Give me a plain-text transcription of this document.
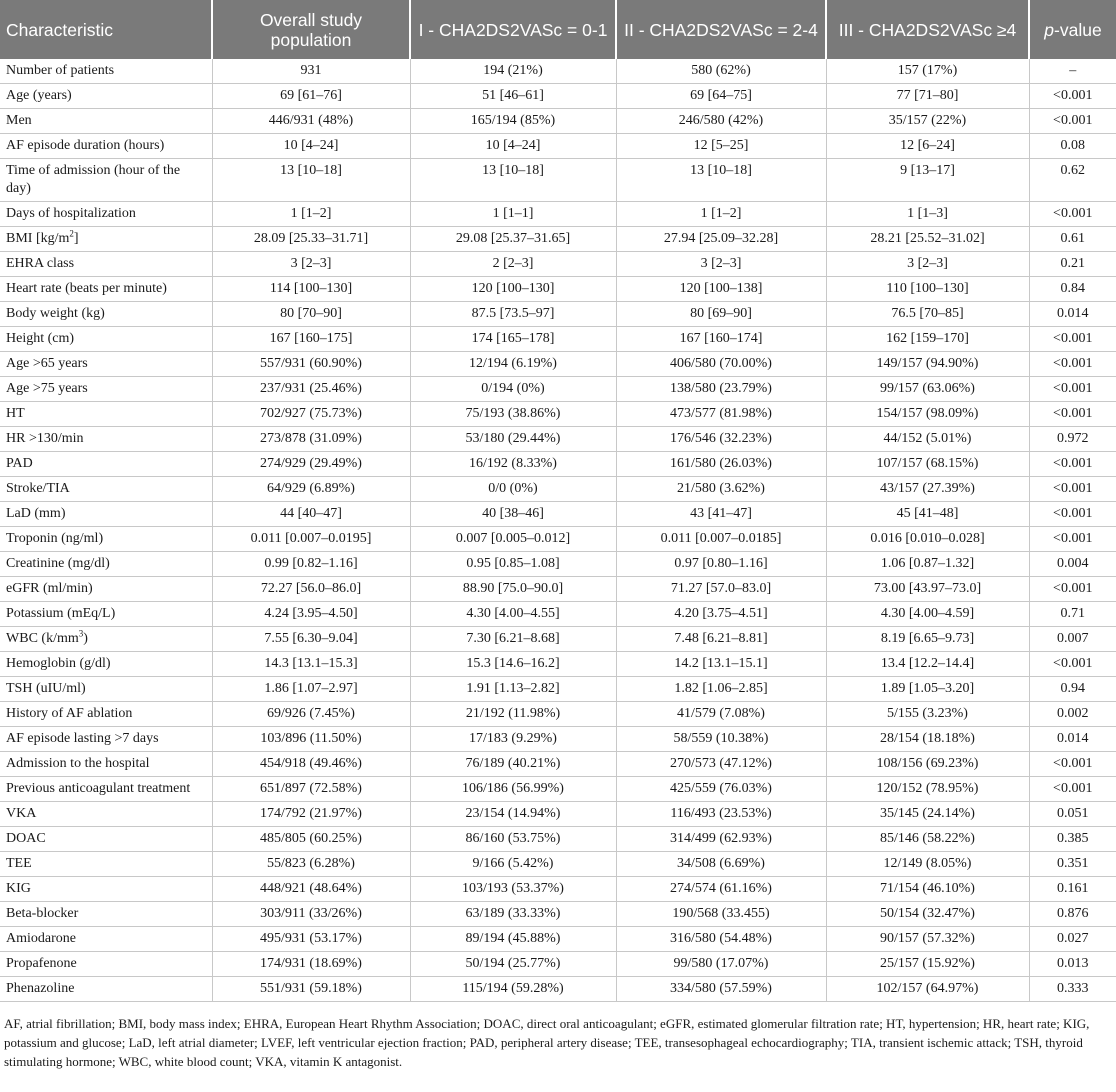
Characteristic	Overall study population	I - CHA2DS2VASc = 0-1	II - CHA2DS2VASc = 2-4	III - CHA2DS2VASc ≥4	p-value
Number of patients	931	194 (21%)	580 (62%)	157 (17%)	–
Age (years)	69 [61–76]	51 [46–61]	69 [64–75]	77 [71–80]	<0.001
Men	446/931 (48%)	165/194 (85%)	246/580 (42%)	35/157 (22%)	<0.001
AF episode duration (hours)	10 [4–24]	10 [4–24]	12 [5–25]	12 [6–24]	0.08
Time of admission (hour of the day)	13 [10–18]	13 [10–18]	13 [10–18]	9 [13–17]	0.62
Days of hospitalization	1 [1–2]	1 [1–1]	1 [1–2]	1 [1–3]	<0.001
BMI $[kg/m^2]$	28.09 [25.33–31.71]	29.08 [25.37–31.65]	27.94 [25.09–32.28]	28.21 [25.52–31.02]	0.61
EHRA class	3 [2–3]	2 [2–3]	3 [2–3]	3 [2–3]	0.21
Heart rate (beats per minute)	114 [100–130]	120 [100–130]	120 [100–138]	110 [100–130]	0.84
Body weight (kg)	80 [70–90]	87.5 [73.5–97]	80 [69–90]	76.5 [70–85]	0.014
Height (cm)	167 [160–175]	174 [165–178]	167 [160–174]	162 [159–170]	<0.001
Age >65 years	557/931 (60.90%)	12/194 (6.19%)	406/580 (70.00%)	149/157 (94.90%)	<0.001
Age >75 years	237/931 (25.46%)	0/194 (0%)	138/580 (23.79%)	99/157 (63.06%)	<0.001
HT	702/927 (75.73%)	75/193 (38.86%)	473/577 (81.98%)	154/157 (98.09%)	<0.001
HR >130/min	273/878 (31.09%)	53/180 (29.44%)	176/546 (32.23%)	44/152 (5.01%)	0.972
PAD	274/929 (29.49%)	16/192 (8.33%)	161/580 (26.03%)	107/157 (68.15%)	<0.001
Stroke/TIA	64/929 (6.89%)	0/0 (0%)	21/580 (3.62%)	43/157 (27.39%)	<0.001
LaD (mm)	44 [40–47]	40 [38–46]	43 [41–47]	45 [41–48]	<0.001
Troponin (ng/ml)	0.011 [0.007–0.0195]	0.007 [0.005–0.012]	0.011 [0.007–0.0185]	0.016 [0.010–0.028]	<0.001
Creatinine (mg/dl)	0.99 [0.82–1.16]	0.95 [0.85–1.08]	0.97 [0.80–1.16]	1.06 [0.87–1.32]	0.004
eGFR (ml/min)	72.27 [56.0–86.0]	88.90 [75.0–90.0]	71.27 [57.0–83.0]	73.00 [43.97–73.0]	<0.001
Potassium (mEq/L)	4.24 [3.95–4.50]	4.30 [4.00–4.55]	4.20 [3.75–4.51]	4.30 [4.00–4.59]	0.71
WBC $(k/mm^3)$	7.55 [6.30–9.04]	7.30 [6.21–8.68]	7.48 [6.21–8.81]	8.19 [6.65–9.73]	0.007
Hemoglobin (g/dl)	14.3 [13.1–15.3]	15.3 [14.6–16.2]	14.2 [13.1–15.1]	13.4 [12.2–14.4]	<0.001
TSH (uIU/ml)	1.86 [1.07–2.97]	1.91 [1.13–2.82]	1.82 [1.06–2.85]	1.89 [1.05–3.20]	0.94
History of AF ablation	69/926 (7.45%)	21/192 (11.98%)	41/579 (7.08%)	5/155 (3.23%)	0.002
AF episode lasting >7 days	103/896 (11.50%)	17/183 (9.29%)	58/559 (10.38%)	28/154 (18.18%)	0.014
Admission to the hospital	454/918 (49.46%)	76/189 (40.21%)	270/573 (47.12%)	108/156 (69.23%)	<0.001
Previous anticoagulant treatment	651/897 (72.58%)	106/186 (56.99%)	425/559 (76.03%)	120/152 (78.95%)	<0.001
VKA	174/792 (21.97%)	23/154 (14.94%)	116/493 (23.53%)	35/145 (24.14%)	0.051
DOAC	485/805 (60.25%)	86/160 (53.75%)	314/499 (62.93%)	85/146 (58.22%)	0.385
TEE	55/823 (6.28%)	9/166 (5.42%)	34/508 (6.69%)	12/149 (8.05%)	0.351
KIG	448/921 (48.64%)	103/193 (53.37%)	274/574 (61.16%)	71/154 (46.10%)	0.161
Beta-blocker	303/911 (33/26%)	63/189 (33.33%)	190/568 (33.455)	50/154 (32.47%)	0.876
Amiodarone	495/931 (53.17%)	89/194 (45.88%)	316/580 (54.48%)	90/157 (57.32%)	0.027
Propafenone	174/931 (18.69%)	50/194 (25.77%)	99/580 (17.07%)	25/157 (15.92%)	0.013
Phenazoline	551/931 (59.18%)	115/194 (59.28%)	334/580 (57.59%)	102/157 (64.97%)	0.333
AF, atrial fibrillation; BMI, body mass index; EHRA, European Heart Rhythm Association; DOAC, direct oral anticoagulant; eGFR, estimated glomerular filtration rate; HT, hypertension; HR, heart rate; KIG, potassium and glucose; LaD, left atrial diameter; LVEF, left ventricular ejection fraction; PAD, peripheral artery disease; TEE, transesophageal echocardiography; TIA, transient ischemic attack; TSH, thyroid stimulating hormone; WBC, white blood count; VKA, vitamin K antagonist.
